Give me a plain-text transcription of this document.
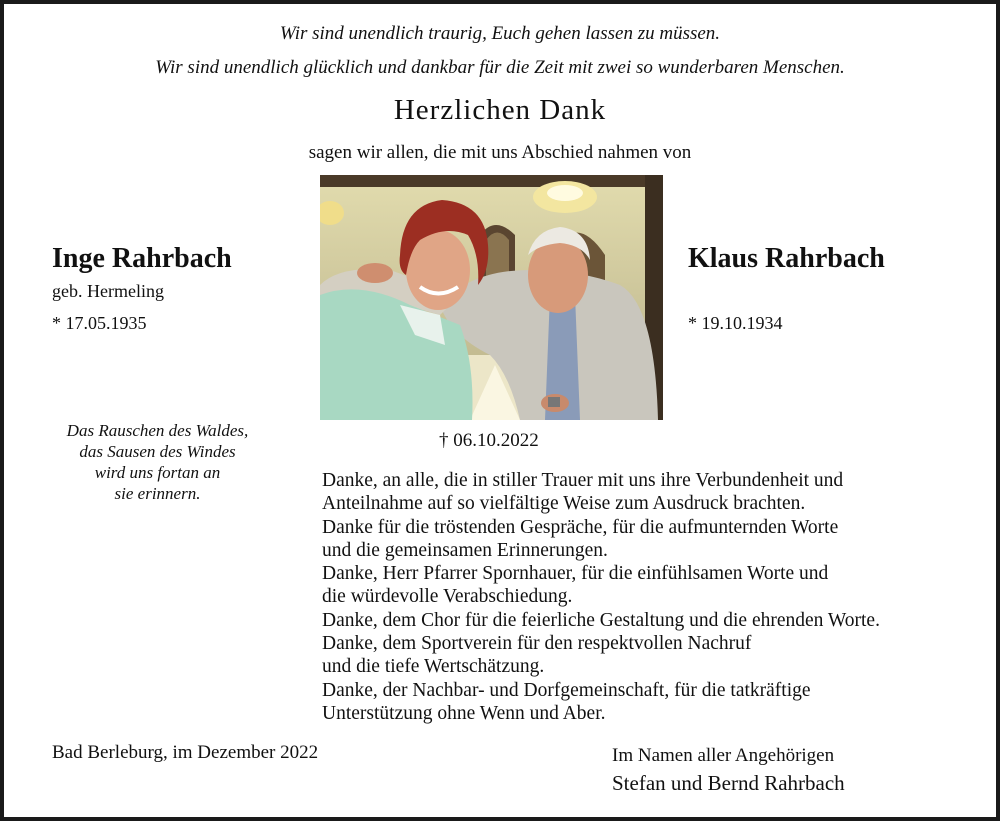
Wir sind unendlich traurig, Euch gehen lassen zu müssen.
Wir sind unendlich glücklich und dankbar für die Zeit mit zwei so wunderbaren Menschen.
Herzlichen Dank
sagen wir allen, die mit uns Abschied nahmen von
Inge Rahrbach
geb. Hermeling
* 17.05.1935
Klaus Rahrbach
* 19.10.1934
† 06.10.2022
Das Rauschen des Waldes,
das Sausen des Windes
wird uns fortan an
sie erinnern.
Danke, an alle, die in stiller Trauer mit uns ihre Verbundenheit und
Anteilnahme auf so vielfältige Weise zum Ausdruck brachten.
Danke für die tröstenden Gespräche, für die aufmunternden Worte
und die gemeinsamen Erinnerungen.
Danke, Herr Pfarrer Spornhauer, für die einfühlsamen Worte und
die würdevolle Verabschiedung.
Danke, dem Chor für die feierliche Gestaltung und die ehrenden Worte.
Danke, dem Sportverein für den respektvollen Nachruf
und die tiefe Wertschätzung.
Danke, der Nachbar- und Dorfgemeinschaft, für die tatkräftige
Unterstützung ohne Wenn und Aber.
Bad Berleburg, im Dezember 2022	Im Namen aller Angehörigen
Stefan und Bernd Rahrbach
